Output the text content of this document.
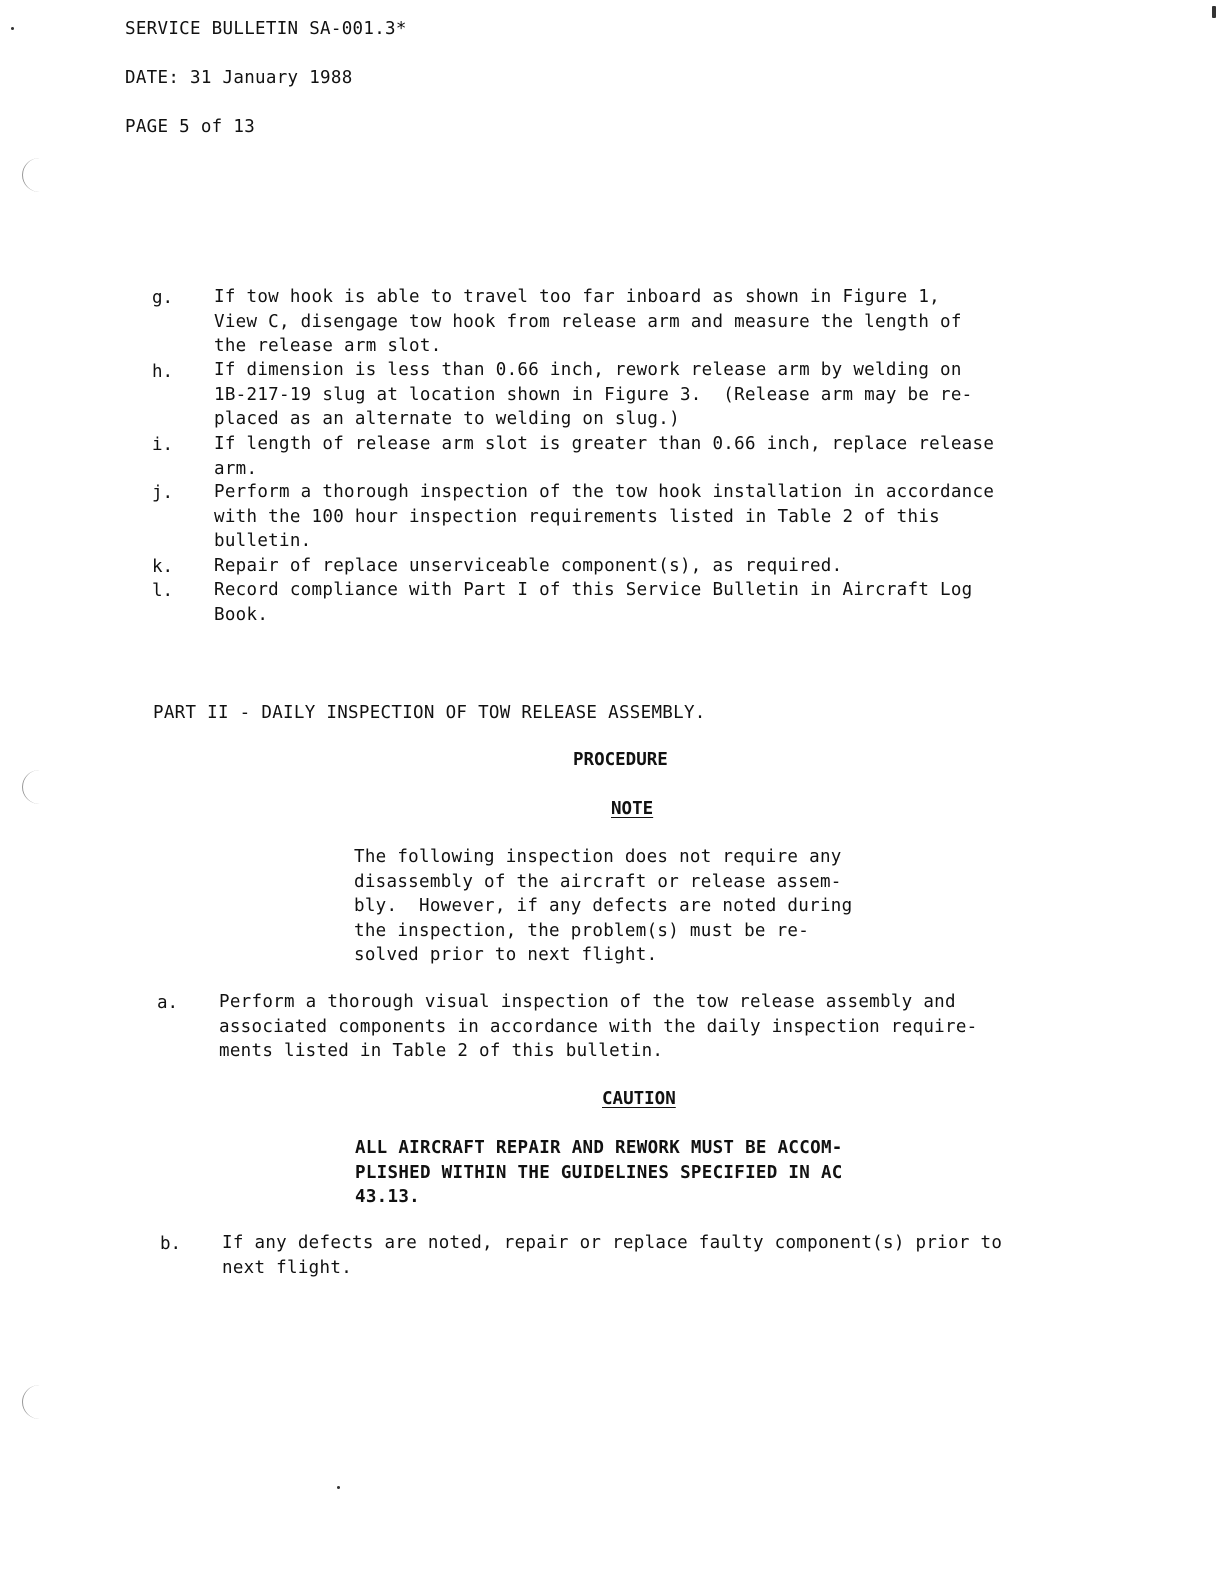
SERVICE BULLETIN SA-001.3*
DATE: 31 January 1988
PAGE 5 of 13
g. If tow hook is able to travel too far inboard as shown in Figure 1,
View C, disengage tow hook from release arm and measure the length of
the release arm slot.
h. If dimension is less than 0.66 inch, rework release arm by welding on
1B-217-19 slug at location shown in Figure 3.  (Release arm may be re-
placed as an alternate to welding on slug.)
i. If length of release arm slot is greater than 0.66 inch, replace release
arm.
j. Perform a thorough inspection of the tow hook installation in accordance
with the 100 hour inspection requirements listed in Table 2 of this
bulletin.
k. Repair of replace unserviceable component(s), as required.
l. Record compliance with Part I of this Service Bulletin in Aircraft Log
Book.
PART II - DAILY INSPECTION OF TOW RELEASE ASSEMBLY.
PROCEDURE
NOTE
The following inspection does not require any
disassembly of the aircraft or release assem-
bly.  However, if any defects are noted during
the inspection, the problem(s) must be re-
solved prior to next flight.
a. Perform a thorough visual inspection of the tow release assembly and
associated components in accordance with the daily inspection require-
ments listed in Table 2 of this bulletin.
CAUTION
ALL AIRCRAFT REPAIR AND REWORK MUST BE ACCOM-
PLISHED WITHIN THE GUIDELINES SPECIFIED IN AC
43.13.
b. If any defects are noted, repair or replace faulty component(s) prior to
next flight.
